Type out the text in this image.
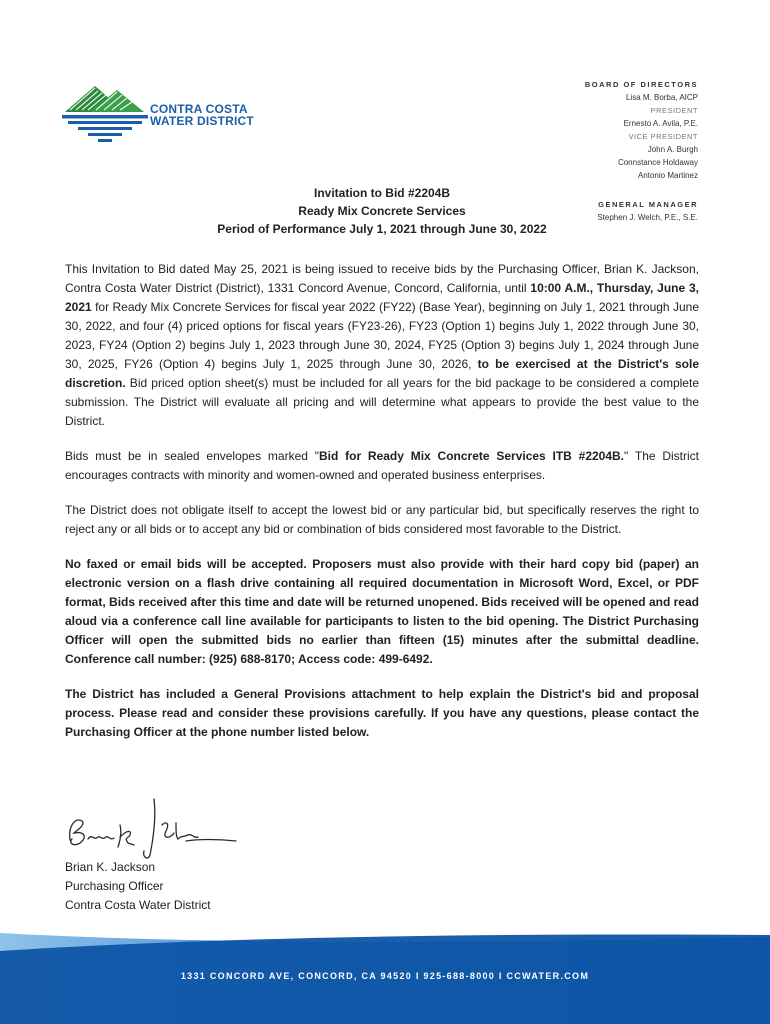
CONTRA COSTA
WATER DISTRICT
BOARD OF DIRECTORS
Lisa M. Borba, AICP
PRESIDENT
Ernesto A. Avila, P.E.
VICE PRESIDENT
John A. Burgh
Connstance Holdaway
Antonio Martinez
GENERAL MANAGER
Stephen J. Welch, P.E., S.E.
Invitation to Bid #2204B
Ready Mix Concrete Services
Period of Performance July 1, 2021 through June 30, 2022

This Invitation to Bid dated May 25, 2021 is being issued to receive bids by the Purchasing Officer, Brian K. Jackson, Contra Costa Water District (District), 1331 Concord Avenue, Concord, California, until 10:00 A.M., Thursday, June 3, 2021 for Ready Mix Concrete Services for fiscal year 2022 (FY22) (Base Year), beginning on July 1, 2021 through June 30, 2022, and four (4) priced options for fiscal years (FY23-26), FY23 (Option 1) begins July 1, 2022 through June 30, 2023, FY24 (Option 2) begins July 1, 2023 through June 30, 2024, FY25 (Option 3) begins July 1, 2024 through June 30, 2025, FY26 (Option 4) begins July 1, 2025 through June 30, 2026, to be exercised at the District's sole discretion. Bid priced option sheet(s) must be included for all years for the bid package to be considered a complete submission. The District will evaluate all pricing and will determine what appears to provide the best value to the District.

Bids must be in sealed envelopes marked "Bid for Ready Mix Concrete Services ITB #2204B." The District encourages contracts with minority and women-owned and operated business enterprises.

The District does not obligate itself to accept the lowest bid or any particular bid, but specifically reserves the right to reject any or all bids or to accept any bid or combination of bids considered most favorable to the District.

No faxed or email bids will be accepted. Proposers must also provide with their hard copy bid (paper) an electronic version on a flash drive containing all required documentation in Microsoft Word, Excel, or PDF format, Bids received after this time and date will be returned unopened. Bids received will be opened and read aloud via a conference call line available for participants to listen to the bid opening. The District Purchasing Officer will open the submitted bids no earlier than fifteen (15) minutes after the submittal deadline. Conference call number: (925) 688-8170; Access code: 499-6492.

The District has included a General Provisions attachment to help explain the District's bid and proposal process. Please read and consider these provisions carefully. If you have any questions, please contact the Purchasing Officer at the phone number listed below.

Brian K. Jackson
Purchasing Officer
Contra Costa Water District
1331 CONCORD AVE, CONCORD, CA 94520 I 925-688-8000 I CCWATER.COM
